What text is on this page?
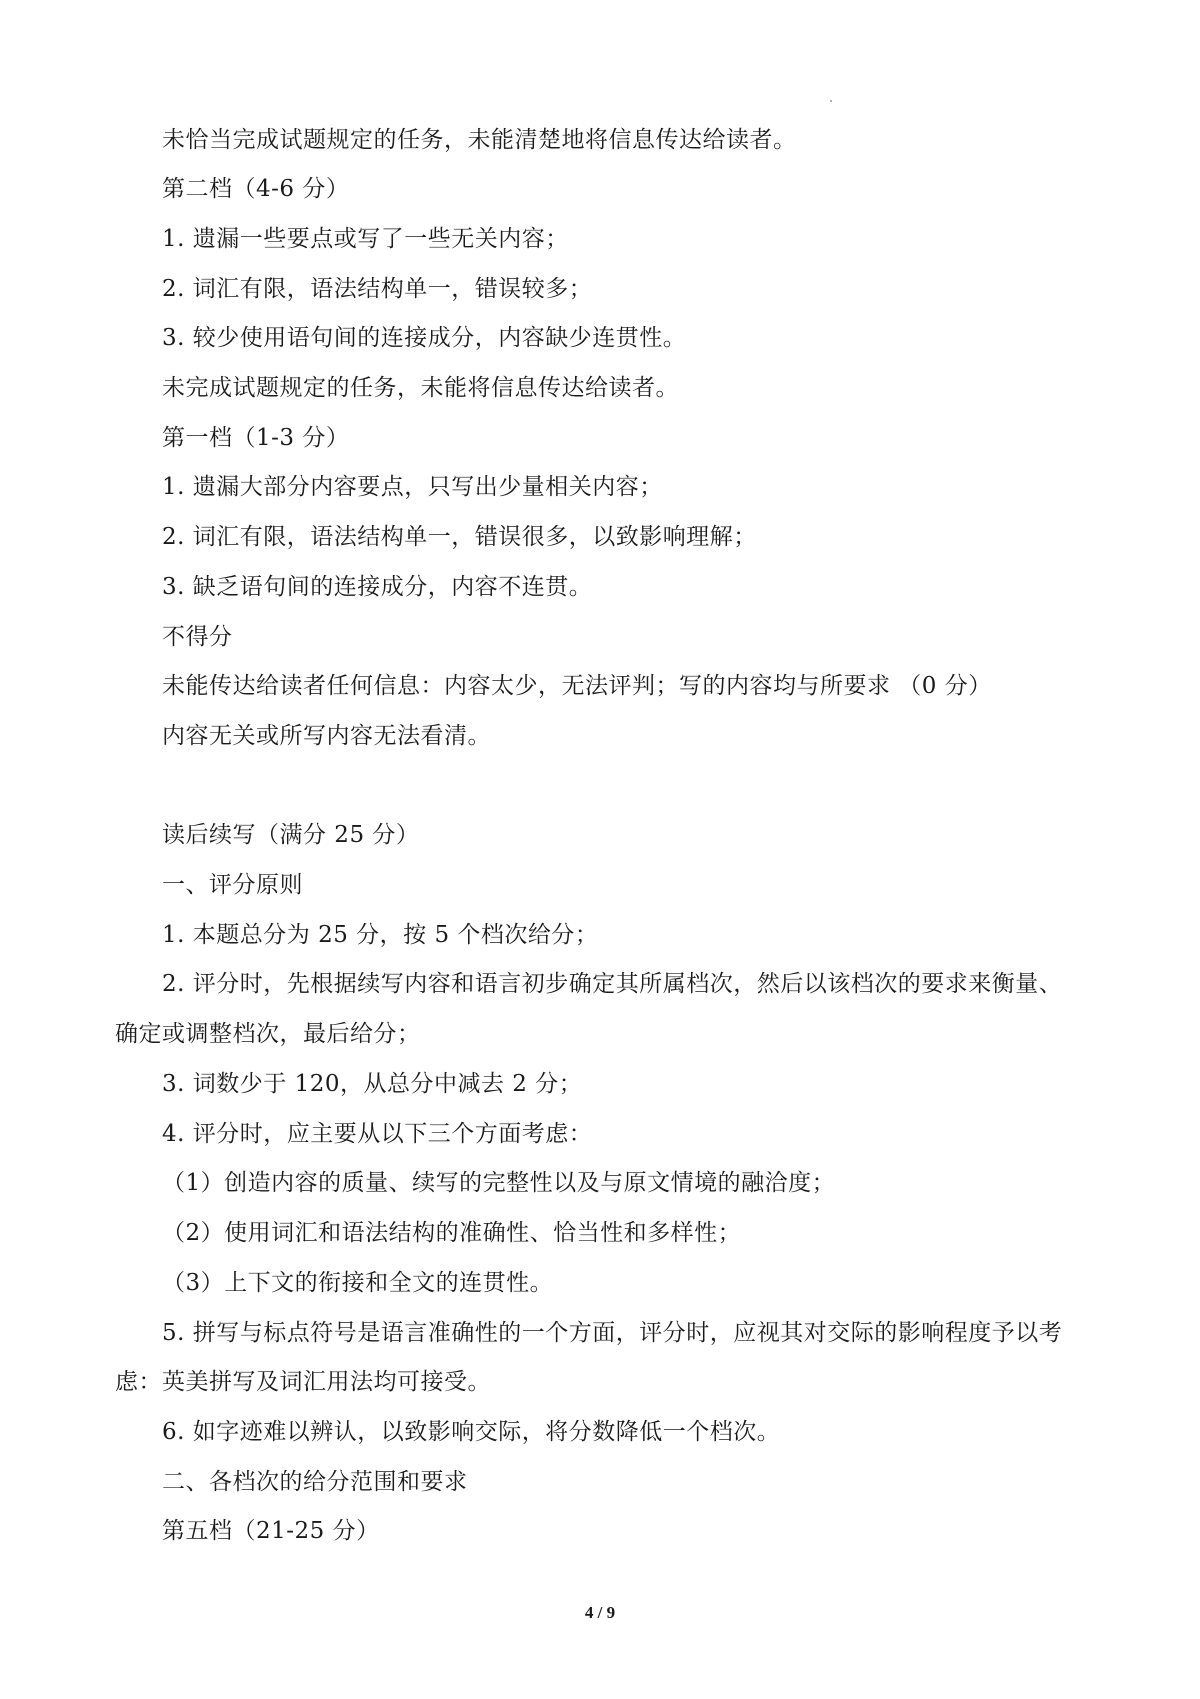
未恰当完成试题规定的任务，未能清楚地将信息传达给读者。
第二档（4-6 分）
1. 遗漏一些要点或写了一些无关内容；
2. 词汇有限，语法结构单一，错误较多；
3. 较少使用语句间的连接成分，内容缺少连贯性。
未完成试题规定的任务，未能将信息传达给读者。
第一档（1-3 分）
1. 遗漏大部分内容要点，只写出少量相关内容；
2. 词汇有限，语法结构单一，错误很多，以致影响理解；
3. 缺乏语句间的连接成分，内容不连贯。
不得分
未能传达给读者任何信息：内容太少，无法评判；写的内容均与所要求 （0 分）
内容无关或所写内容无法看清。
读后续写（满分 25 分）
一、评分原则
1. 本题总分为 25 分，按 5 个档次给分；
2. 评分时，先根据续写内容和语言初步确定其所属档次，然后以该档次的要求来衡量、
确定或调整档次，最后给分；
3. 词数少于 120，从总分中减去 2 分；
4. 评分时，应主要从以下三个方面考虑：
（1）创造内容的质量、续写的完整性以及与原文情境的融洽度；
（2）使用词汇和语法结构的准确性、恰当性和多样性；
（3）上下文的衔接和全文的连贯性。
5. 拼写与标点符号是语言准确性的一个方面，评分时，应视其对交际的影响程度予以考
虑：英美拼写及词汇用法均可接受。
6. 如字迹难以辨认，以致影响交际，将分数降低一个档次。
二、各档次的给分范围和要求
第五档（21-25 分）
4 / 9
